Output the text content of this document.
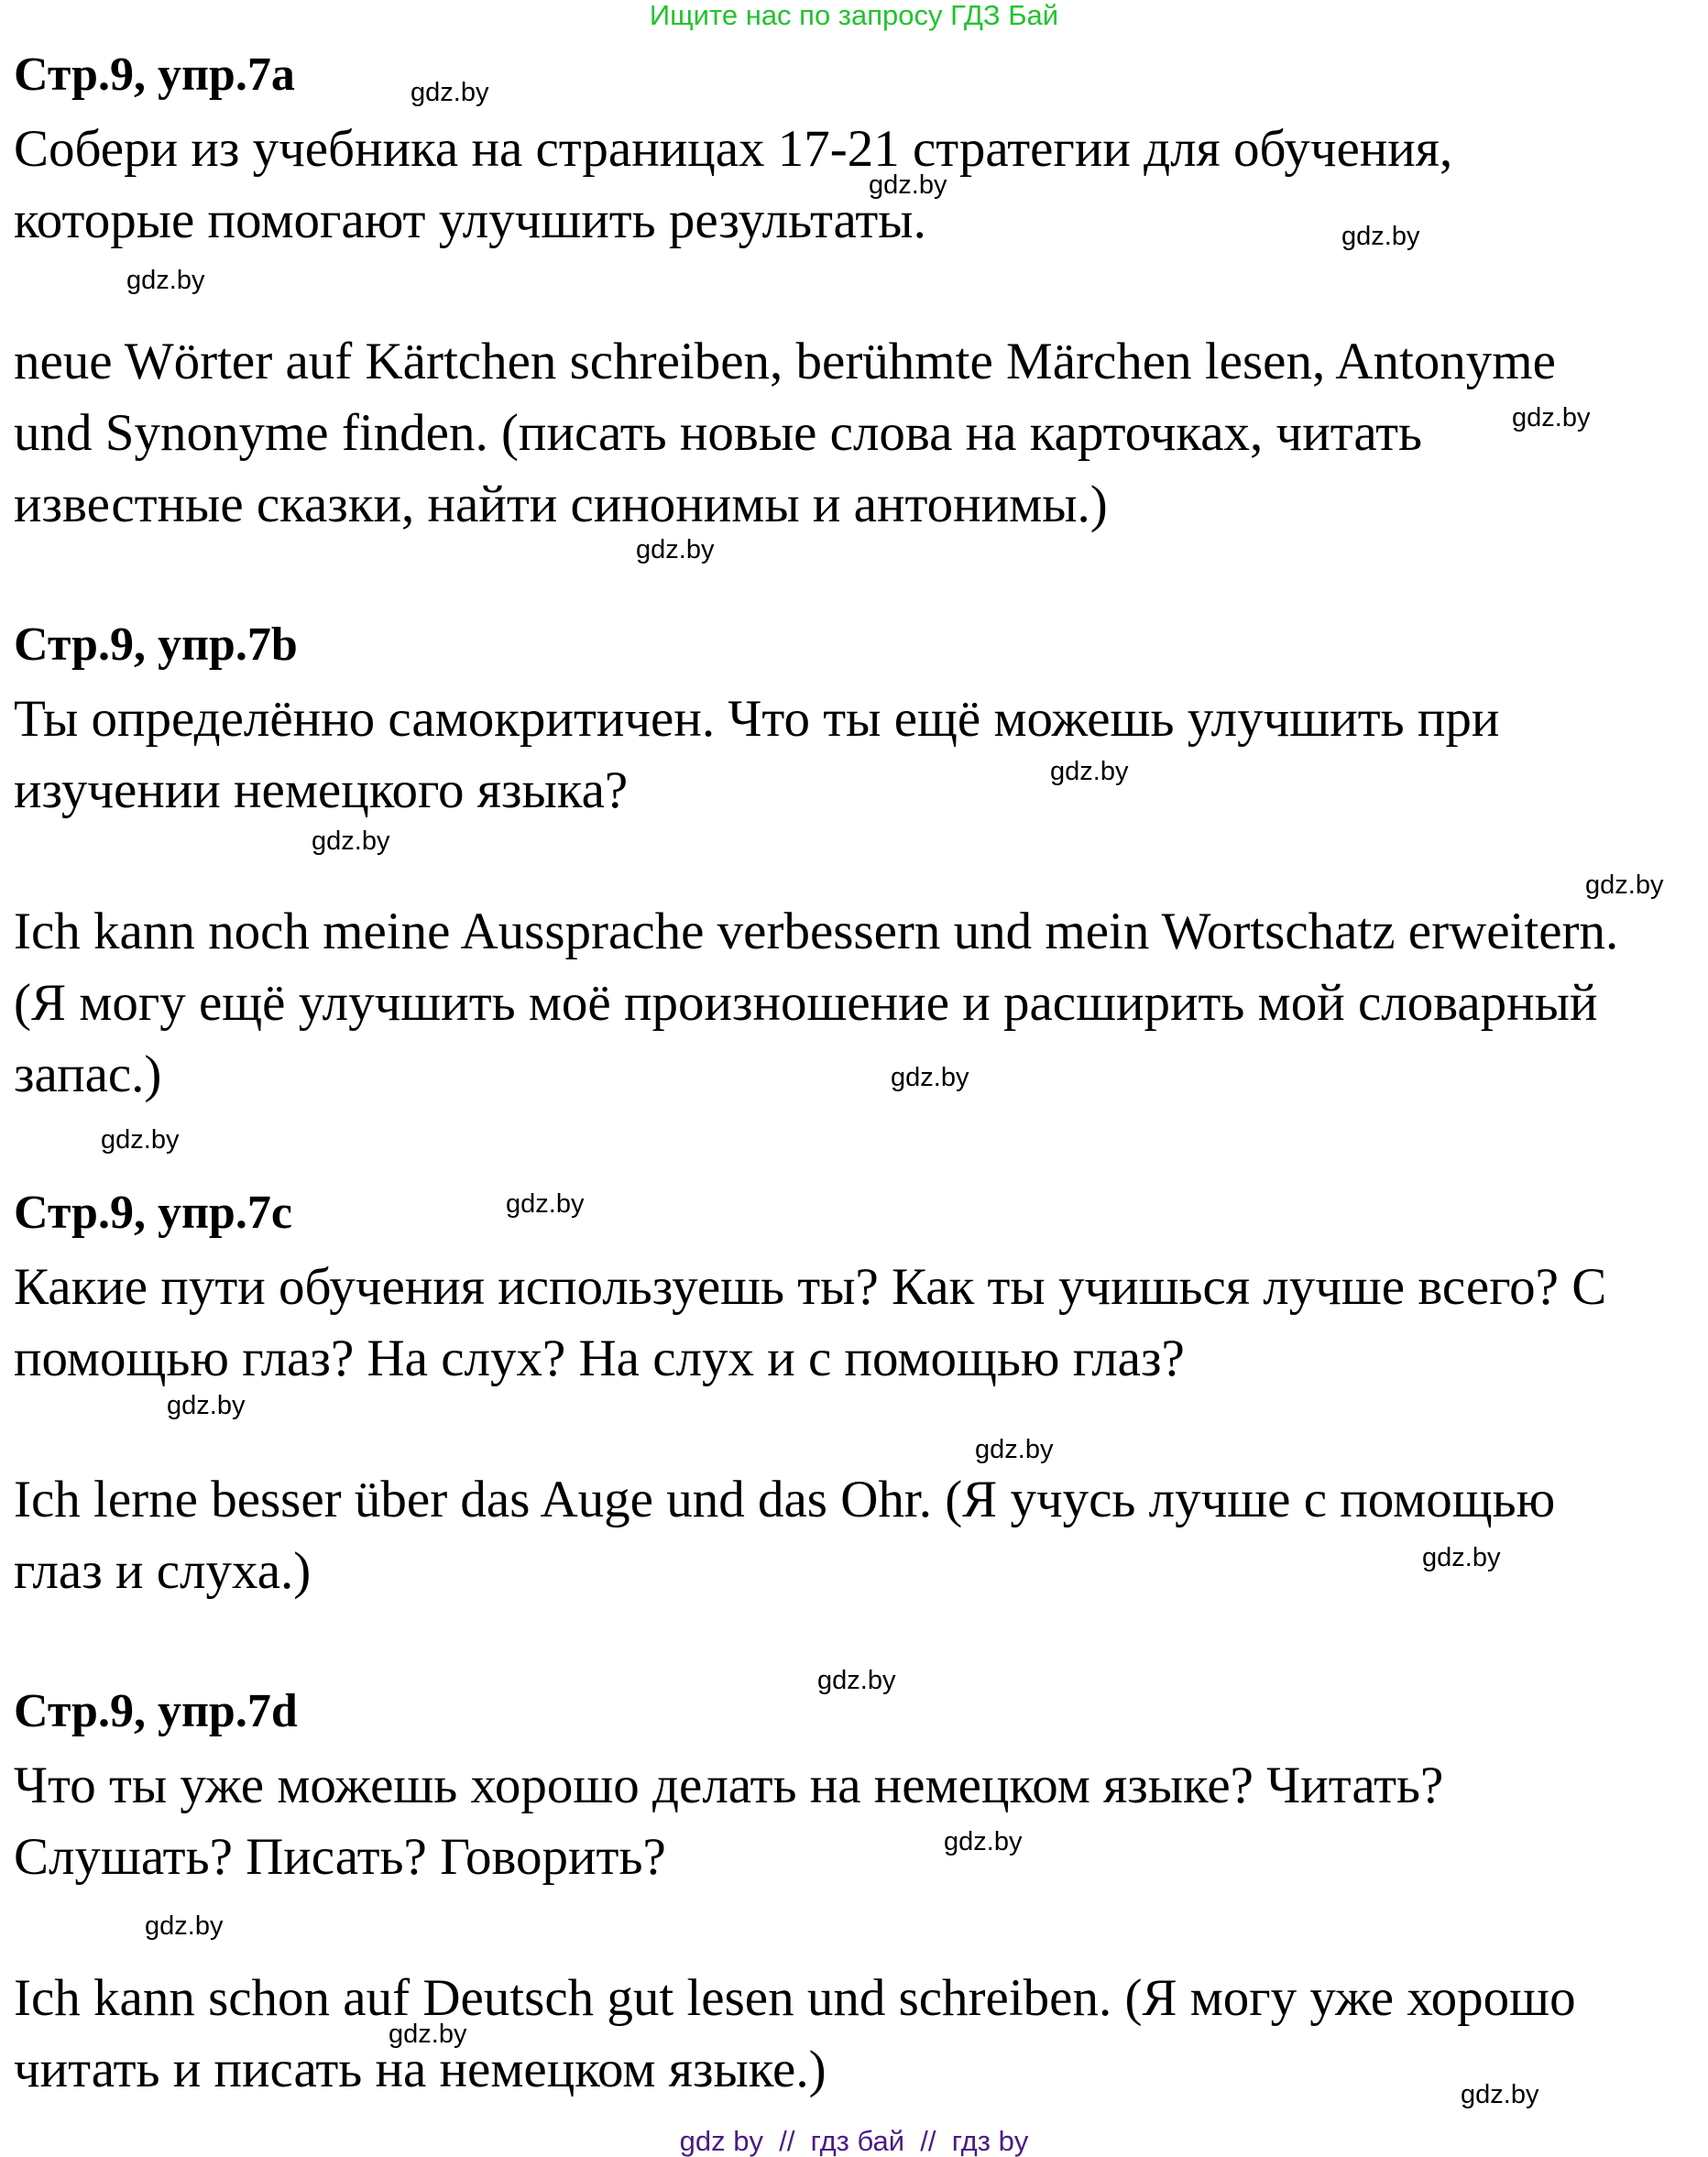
Ищите нас по запросу ГДЗ Бай
Стр.9, упр.7a
Собери из учебника на страницах 17-21 стратегии для обучения,
которые помогают улучшить результаты.
neue Wörter auf Kärtchen schreiben, berühmte Märchen lesen, Antonyme
und Synonyme finden. (писать новые слова на карточках, читать
известные сказки, найти синонимы и антонимы.)
Стр.9, упр.7b
Ты определённо самокритичен. Что ты ещё можешь улучшить при
изучении немецкого языка?
Ich kann noch meine Aussprache verbessern und mein Wortschatz erweitern.
(Я могу ещё улучшить моё произношение и расширить мой словарный
запас.)
Стр.9, упр.7c
Какие пути обучения используешь ты? Как ты учишься лучше всего? С
помощью глаз? На слух? На слух и с помощью глаз?
Ich lerne besser über das Auge und das Ohr. (Я учусь лучше с помощью
глаз и слуха.)
Стр.9, упр.7d
Что ты уже можешь хорошо делать на немецком языке? Читать?
Слушать? Писать? Говорить?
Ich kann schon auf Deutsch gut lesen und schreiben. (Я могу уже хорошо
читать и писать на немецком языке.)
gdz.by
gdz.by
gdz.by
gdz.by
gdz.by
gdz.by
gdz.by
gdz.by
gdz.by
gdz.by
gdz.by
gdz.by
gdz.by
gdz.by
gdz.by
gdz.by
gdz.by
gdz.by
gdz.by
gdz.by
gdz by  //  гдз бай  //  гдз by
